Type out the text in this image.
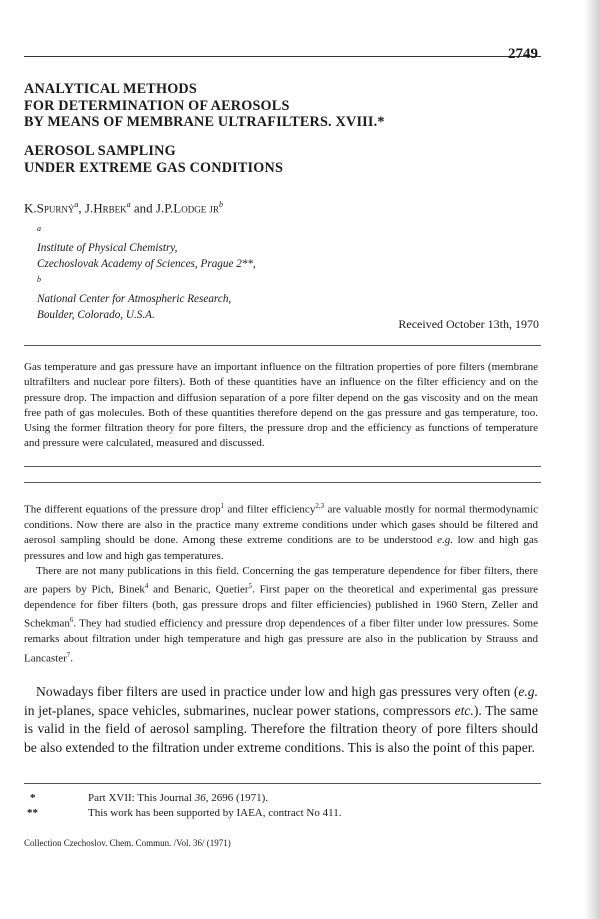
2749
ANALYTICAL METHODS
FOR DETERMINATION OF AEROSOLS
BY MEANS OF MEMBRANE ULTRAFILTERS. XVIII.*
AEROSOL SAMPLING
UNDER EXTREME GAS CONDITIONS
K.Spurný$^a$, J.Hrbek$^a$ and J.P.Lodge $jr^b$
$^a$
Institute of Physical Chemistry,
Czechoslovak Academy of Sciences, Prague 2**,
$^b$
National Center for Atmospheric Research,
Boulder, Colorado, U.S.A.
Received October 13th, 1970

Gas temperature and gas pressure have an important influence on the filtration properties of pore filters (membrane ultrafilters and nuclear pore filters). Both of these quantities have an influence on the filter efficiency and on the pressure drop. The impaction and diffusion separation of a pore filter depend on the gas viscosity and on the mean free path of gas molecules. Both of these quantities therefore depend on the gas pressure and gas temperature, too. Using the former filtration theory for pore filters, the pressure drop and the efficiency as functions of temperature and pressure were calculated, measured and discussed.

The different equations of the pressure drop$^1$ and filter efficiency$^{2,3}$ are valuable mostly for normal thermodynamic conditions. Now there are also in the practice many extreme conditions under which gases should be filtered and aerosol sampling should be done. Among these extreme conditions are to be understood e.g. low and high gas pressures and low and high gas temperatures.

There are not many publications in this field. Concerning the gas temperature dependence for fiber filters, there are papers by Pich, Binek$^4$ and Benaric, Quetier$^5$. First paper on the theoretical and experimental gas pressure dependence for fiber filters (both, gas pressure drops and filter efficiencies) published in 1960 Stern, Zeller and Schekman$^6$. They had studied efficiency and pressure drop dependences of a fiber filter under low pressures. Some remarks about filtration under high temperature and high gas pressure are also in the publication by Strauss and Lancaster$^7$.

Nowadays fiber filters are used in practice under low and high gas pressures very often (e.g. in jet-planes, space vehicles, submarines, nuclear power stations, compressors etc.). The same is valid in the field of aerosol sampling. Therefore the filtration theory of pore filters should be also extended to the filtration under extreme conditions. This is also the point of this paper.

*	Part XVII: This Journal 36, 2696 (1971).
**	This work has been supported by IAEA, contract No 411.
Collection Czechoslov. Chem. Commun. /Vol. 36/ (1971)
